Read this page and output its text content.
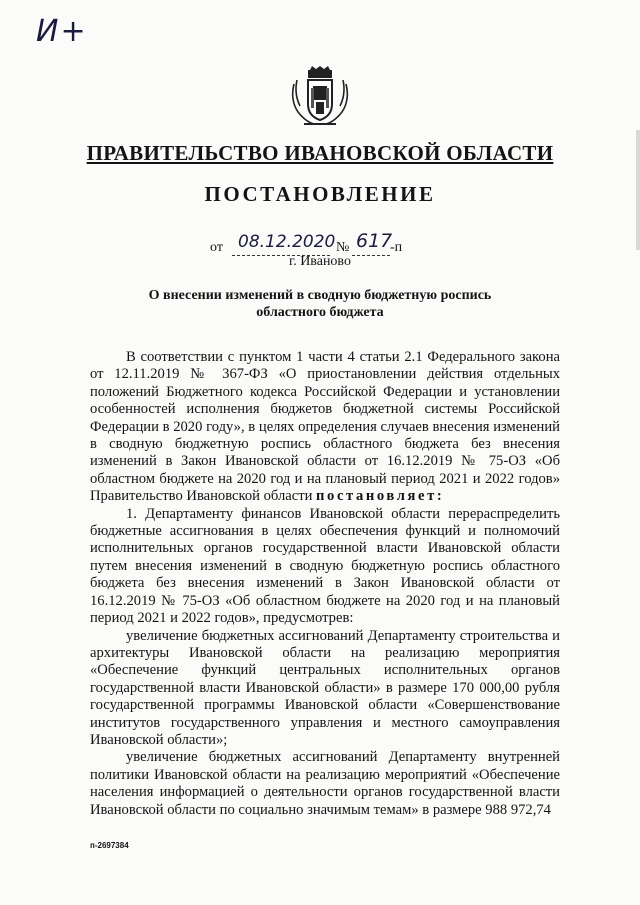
И+
ПРАВИТЕЛЬСТВО ИВАНОВСКОЙ ОБЛАСТИ
ПОСТАНОВЛЕНИЕ
от 08.12.2020 № 617
-п
г. Иваново
О внесении изменений в сводную бюджетную роспись областного бюджета

В соответствии с пунктом 1 части 4 статьи 2.1 Федерального закона от 12.11.2019 № 367-ФЗ «О приостановлении действия отдельных положений Бюджетного кодекса Российской Федерации и установлении особенностей исполнения бюджетов бюджетной системы Российской Федерации в 2020 году», в целях определения случаев внесения изменений в сводную бюджетную роспись областного бюджета без внесения изменений в Закон Ивановской области от 16.12.2019 № 75-ОЗ «Об областном бюджете на 2020 год и на плановый период 2021 и 2022 годов» Правительство Ивановской области постановляет:

1. Департаменту финансов Ивановской области перераспределить бюджетные ассигнования в целях обеспечения функций и полномочий исполнительных органов государственной власти Ивановской области путем внесения изменений в сводную бюджетную роспись областного бюджета без внесения изменений в Закон Ивановской области от 16.12.2019 № 75-ОЗ «Об областном бюджете на 2020 год и на плановый период 2021 и 2022 годов», предусмотрев:

увеличение бюджетных ассигнований Департаменту строительства и архитектуры Ивановской области на реализацию мероприятия «Обеспечение функций центральных исполнительных органов государственной власти Ивановской области» в размере 170 000,00 рубля государственной программы Ивановской области «Совершенствование институтов государственного управления и местного самоуправления Ивановской области»;

увеличение бюджетных ассигнований Департаменту внутренней политики Ивановской области на реализацию мероприятий «Обеспечение населения информацией о деятельности органов государственной власти Ивановской области по социально значимым темам» в размере 988 972,74

п-2697384
